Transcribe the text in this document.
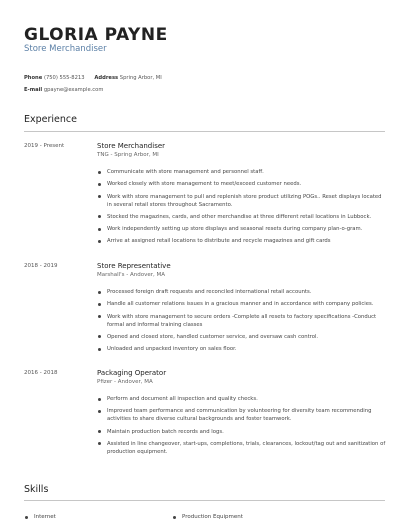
GLORIA PAYNE
Store Merchandiser
Phone (750) 555-8213 Address Spring Arbor, MI
E-mail gpayne@example.com
Experience
2019 - Present	Store Merchandiser
TNG - Spring Arbor, MI
Communicate with store management and personnel staff.
Worked closely with store management to meet/exceed customer needs.
Work with store management to pull and replenish store product utilizing POGs.. Reset displays located in several retail stores throughout Sacramento.
Stocked the magazines, cards, and other merchandise at three different retail locations in Lubbock.
Work independently setting up store displays and seasonal resets during company plan-o-gram.
Arrive at assigned retail locations to distribute and recycle magazines and gift cards
2018 - 2019	Store Representative
Marshall's - Andover, MA
Processed foreign draft requests and reconciled international retail accounts.
Handle all customer relations issues in a gracious manner and in accordance with company policies.
Work with store management to secure orders -Complete all resets to factory specifications -Conduct formal and informal training classes
Opened and closed store, handled customer service, and oversaw cash control.
Unloaded and unpacked inventory on sales floor.
2016 - 2018	Packaging Operator
Pfizer - Andover, MA
Perform and document all inspection and quality checks.
Improved team performance and communication by volunteering for diversity team recommending activities to share diverse cultural backgrounds and foster teamwork.
Maintain production batch records and logs.
Assisted in line changeover, start-ups, completions, trials, clearances, lockout/tag out and sanitization of production equipment.
Skills
Internet	Production Equipment
